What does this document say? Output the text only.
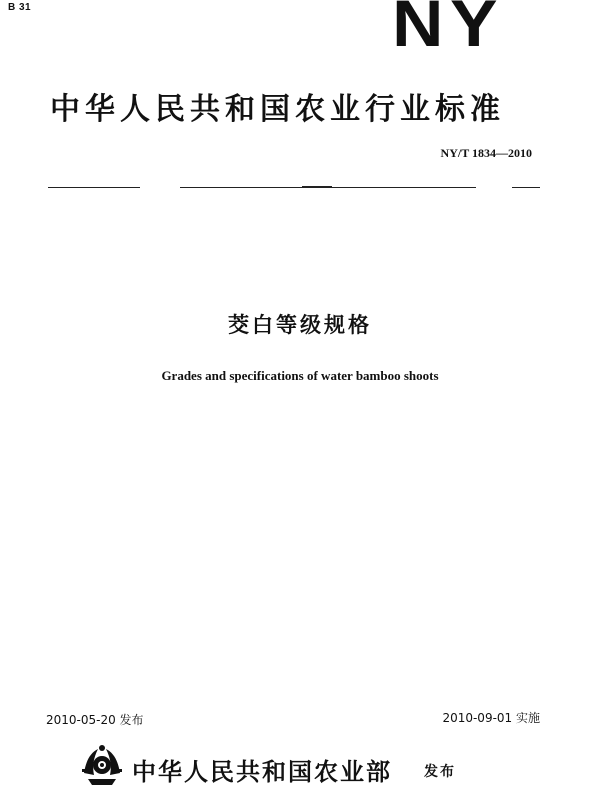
B 31	NY
中华人民共和国农业行业标准
NY/T 1834—2010
茭白等级规格
Grades and specifications of water bamboo shoots
2010-05-20 发布	2010-09-01 实施
中华人民共和国农业部 发布
